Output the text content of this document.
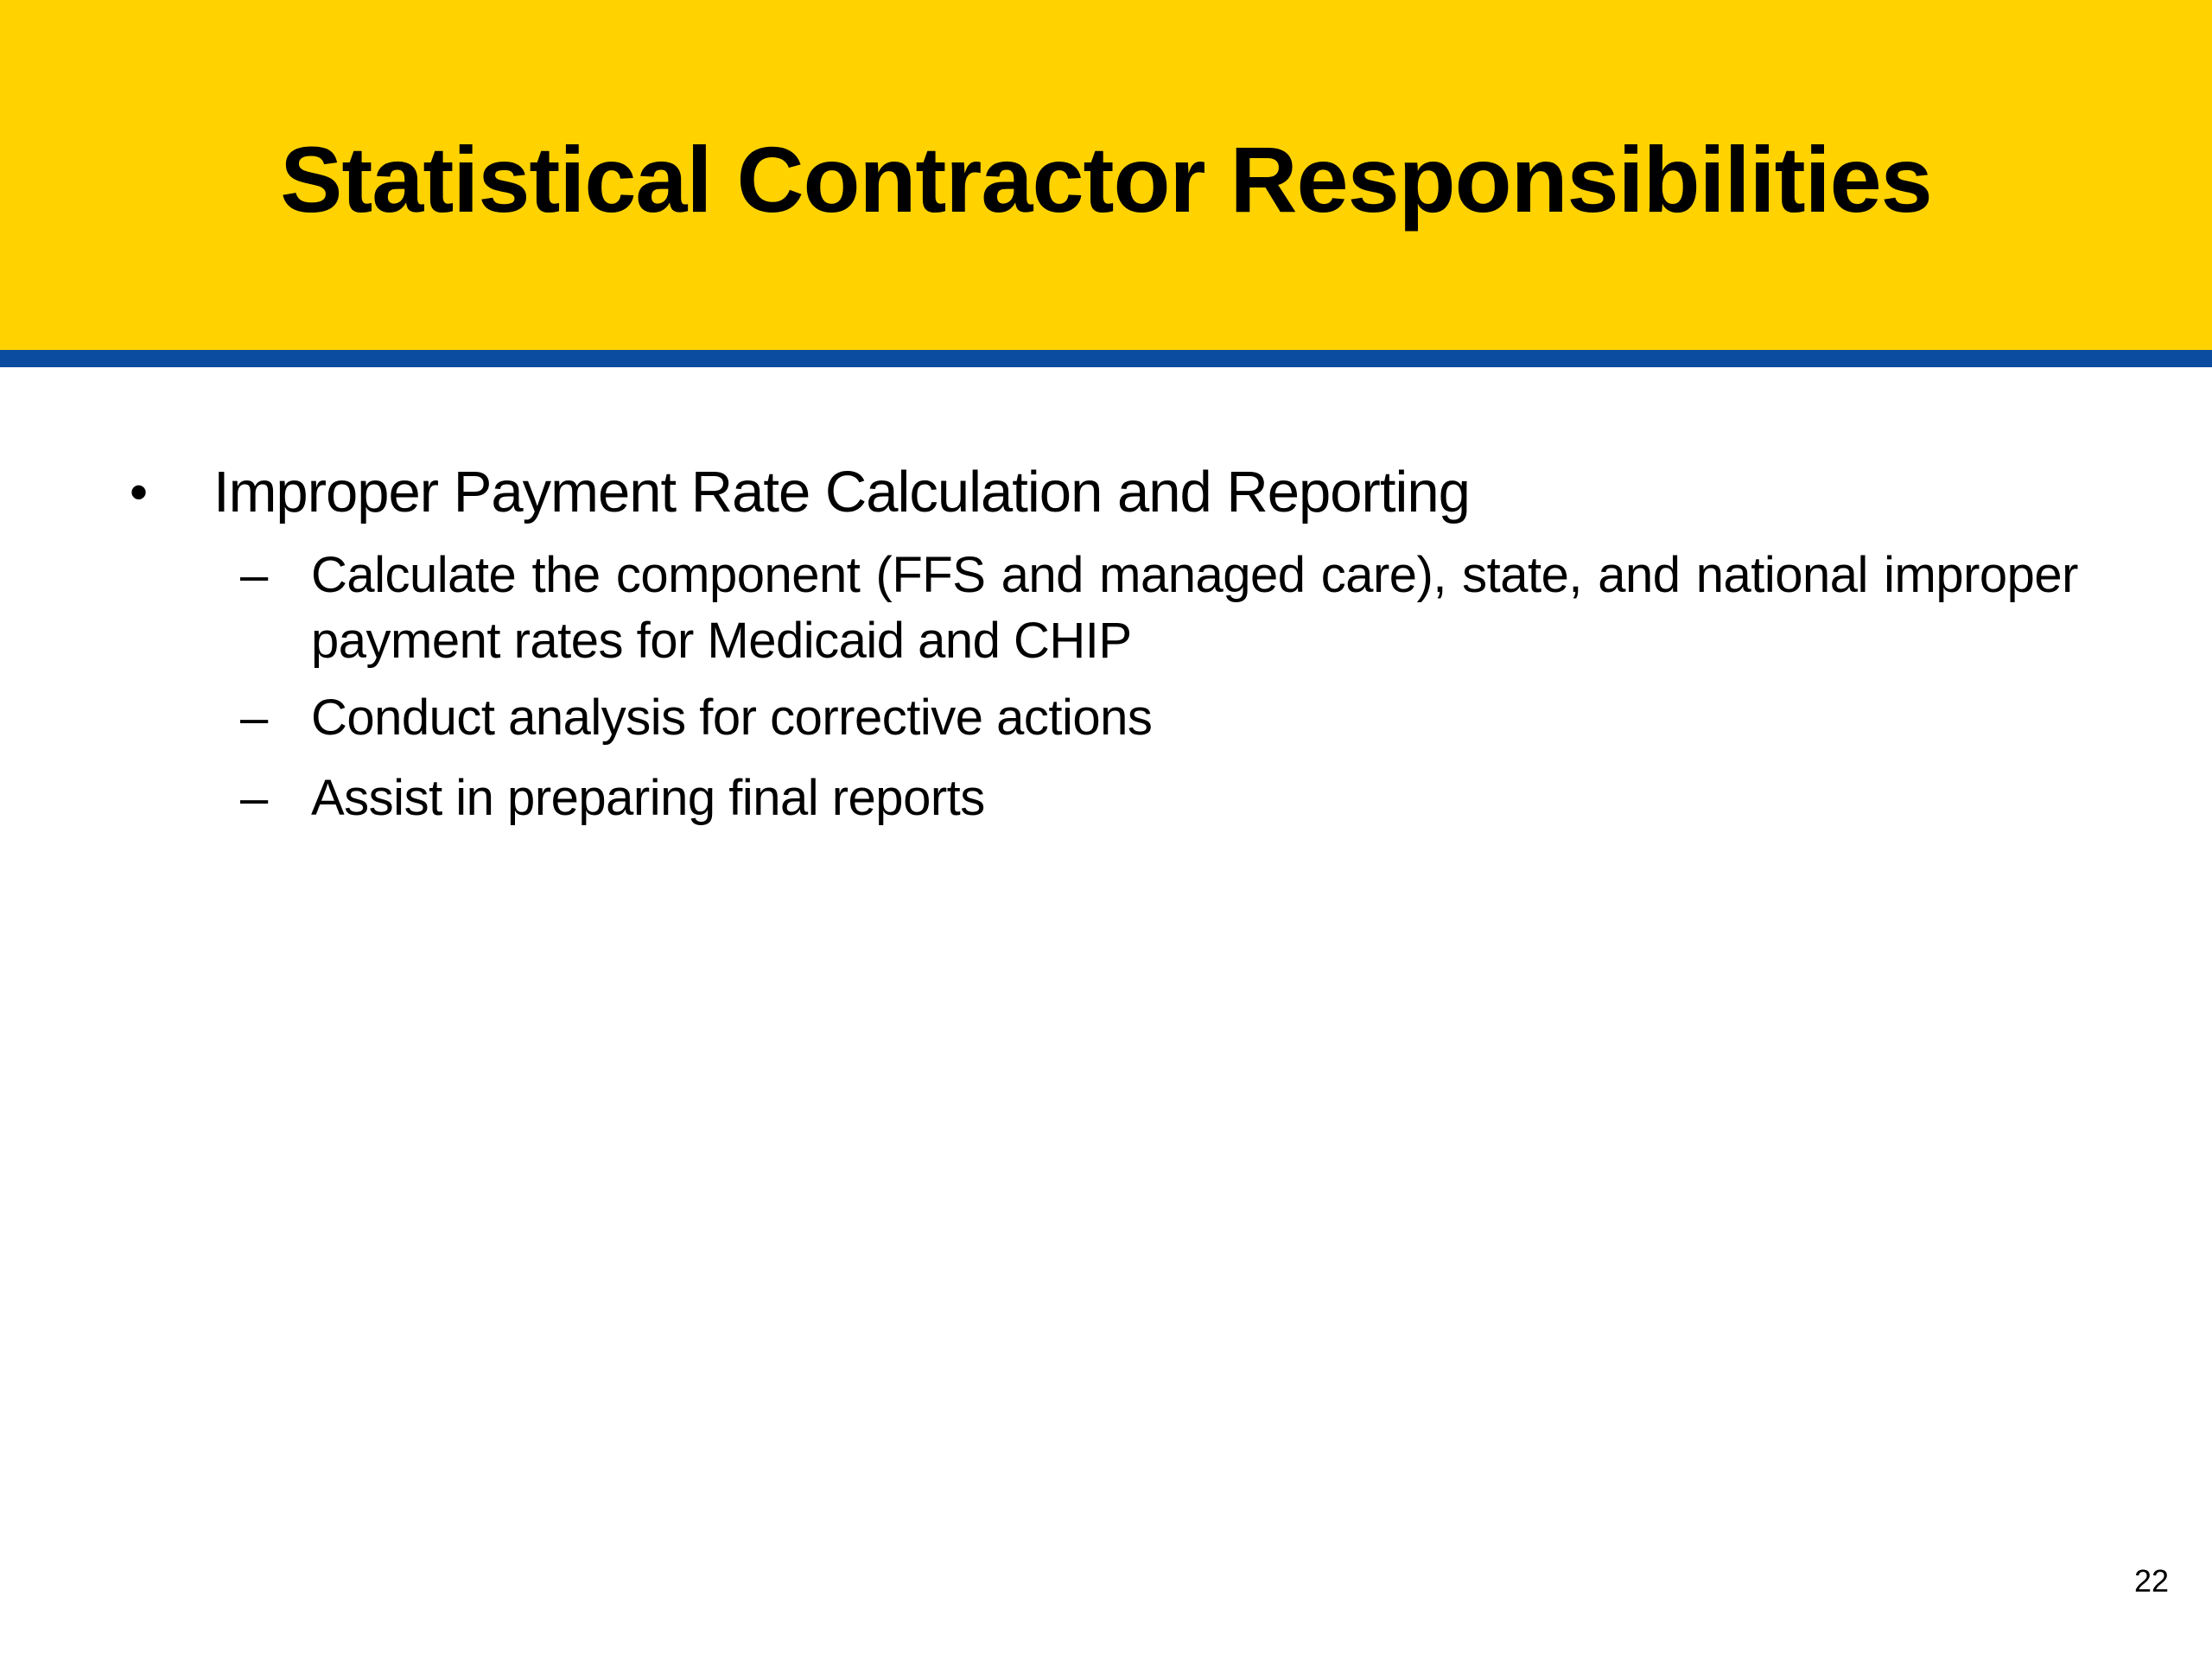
Statistical Contractor Responsibilities
• Improper Payment Rate Calculation and Reporting
– Calculate the component (FFS and managed care), state, and national improper payment rates for Medicaid and CHIP
– Conduct analysis for corrective actions
– Assist in preparing final reports
22
